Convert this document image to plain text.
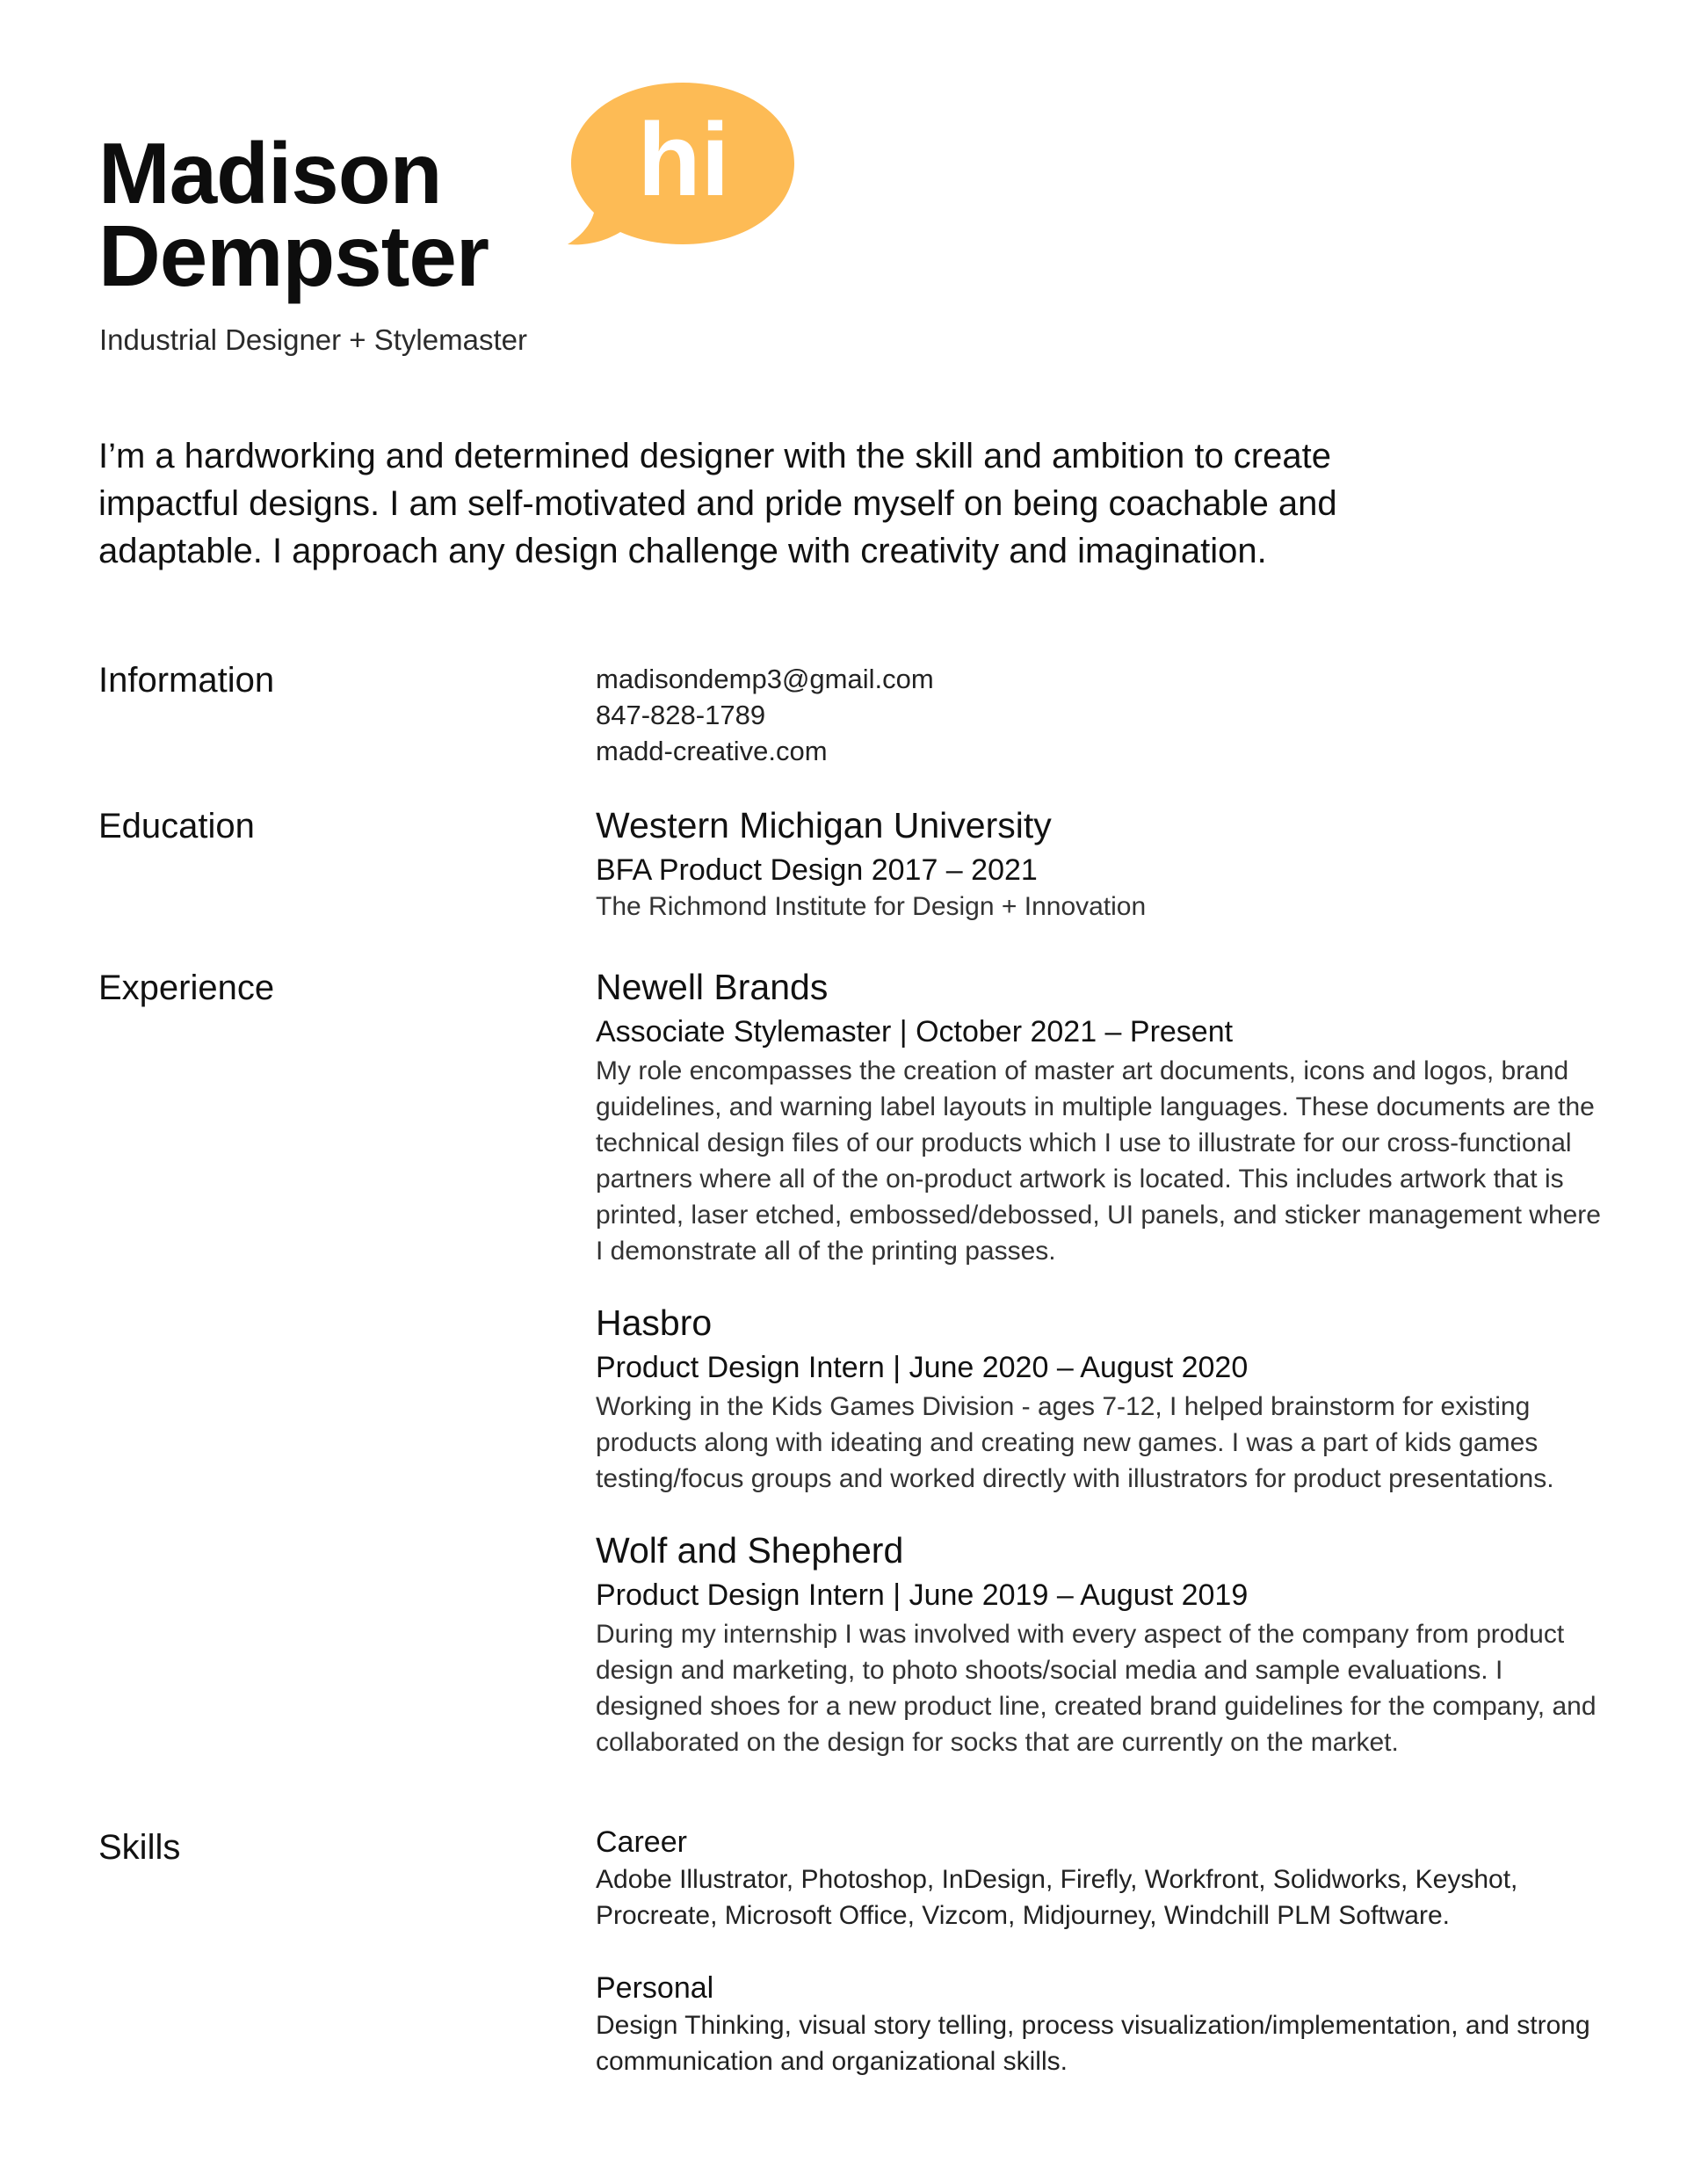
Madison
Dempster
Industrial Designer + Stylemaster
hi
I’m a hardworking and determined designer with the skill and ambition to create impactful designs. I am self-motivated and pride myself on being coachable and adaptable. I approach any design challenge with creativity and imagination.
Information	madisondemp3@gmail.com
847-828-1789
madd-creative.com
Education	Western Michigan University
BFA Product Design 2017 – 2021
The Richmond Institute for Design + Innovation
Experience	Newell Brands
Associate Stylemaster | October 2021 – Present
My role encompasses the creation of master art documents, icons and logos, brand guidelines, and warning label layouts in multiple languages. These documents are the technical design files of our products which I use to illustrate for our cross-functional partners where all of the on-product artwork is located. This includes artwork that is printed, laser etched, embossed/debossed, UI panels, and sticker management where I demonstrate all of the printing passes.
Hasbro
Product Design Intern | June 2020 – August 2020
Working in the Kids Games Division - ages 7-12, I helped brainstorm for existing products along with ideating and creating new games. I was a part of kids games testing/focus groups and worked directly with illustrators for product presentations.
Wolf and Shepherd
Product Design Intern | June 2019 – August 2019
During my internship I was involved with every aspect of the company from product design and marketing, to photo shoots/social media and sample evaluations. I designed shoes for a new product line, created brand guidelines for the company, and collaborated on the design for socks that are currently on the market.
Skills	Career
Adobe Illustrator, Photoshop, InDesign, Firefly, Workfront, Solidworks, Keyshot, Procreate, Microsoft Office, Vizcom, Midjourney, Windchill PLM Software.
Personal
Design Thinking, visual story telling, process visualization/implementation, and strong communication and organizational skills.
